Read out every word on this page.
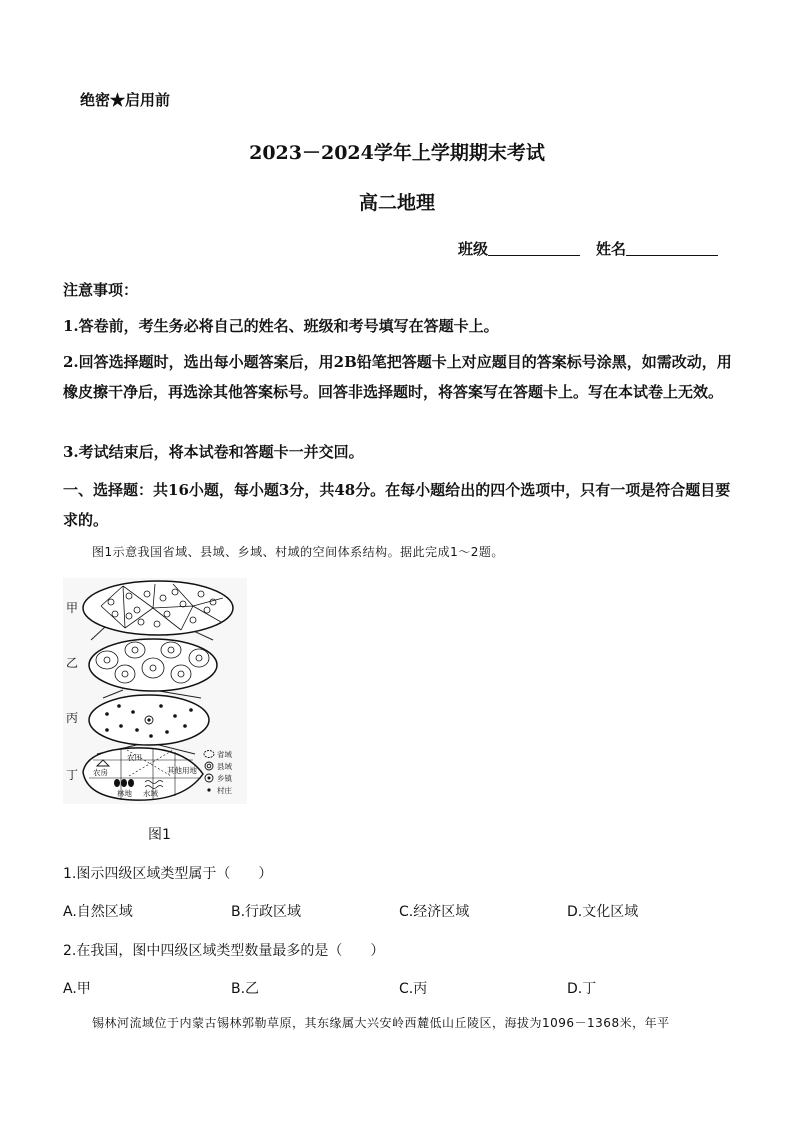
绝密★启用前
2023－2024学年上学期期末考试
高二地理
班级	姓名
注意事项：
1.答卷前，考生务必将自己的姓名、班级和考号填写在答题卡上。
2.回答选择题时，选出每小题答案后，用2B铅笔把答题卡上对应题目的答案标号涂黑，如需改动，用橡皮擦干净后，再选涂其他答案标号。回答非选择题时，将答案写在答题卡上。写在本试卷上无效。
3.考试结束后，将本试卷和答题卡一并交回。
一、选择题：共16小题，每小题3分，共48分。在每小题给出的四个选项中，只有一项是符合题目要求的。
图1示意我国省域、县域、乡域、村域的空间体系结构。据此完成1～2题。
甲
乙
丙
丁
农田
农房
林地 水域
其他用地
省域
县域
乡镇
村庄
图1
1.图示四级区域类型属于（　　）
A.自然区域	B.行政区域	C.经济区域	D.文化区域
2.在我国，图中四级区域类型数量最多的是（　　）
A.甲	B.乙	C.丙	D.丁
锡林河流域位于内蒙古锡林郭勒草原，其东缘属大兴安岭西麓低山丘陵区，海拔为1096－1368米，年平
